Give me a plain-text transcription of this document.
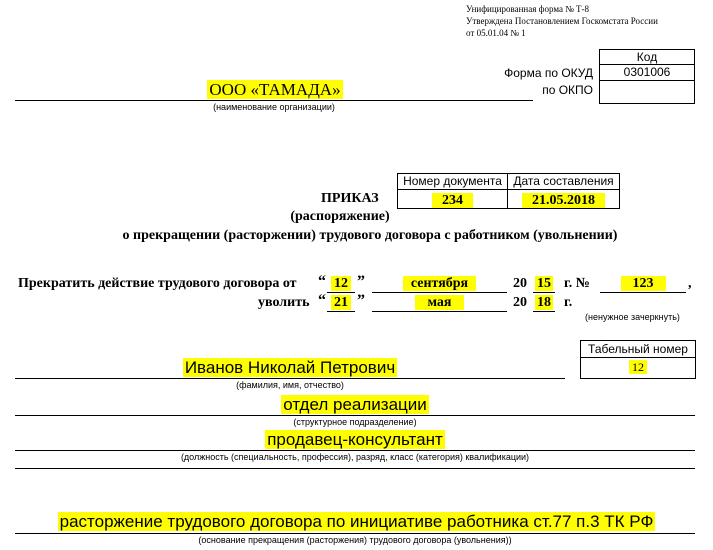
Унифицированная форма № Т-8
Утверждена Постановлением Госкомстата России
от 05.01.04 № 1
Код
0301006
Форма по ОКУД
по ОКПО
ООО «ТАМАДА»
(наименование организации)
Номер документа Дата составления
234	21.05.2018
ПРИКАЗ
(распоряжение)
о прекращении (расторжении) трудового договора с работником (увольнении)
Прекратить действие трудового договора от “ 12 ”	сентября	20 15 г. №	123	,
уволить “ 21 ”	мая	20 18 г.
(ненужное зачеркнуть)
Табельный номер
12
Иванов Николай Петрович
(фамилия, имя, отчество)
отдел реализации
(структурное подразделение)
продавец-консультант
(должность (специальность, профессия), разряд, класс (категория) квалификации)
расторжение трудового договора по инициативе работника ст.77 п.3 ТК РФ
(основание прекращения (расторжения) трудового договора (увольнения))
